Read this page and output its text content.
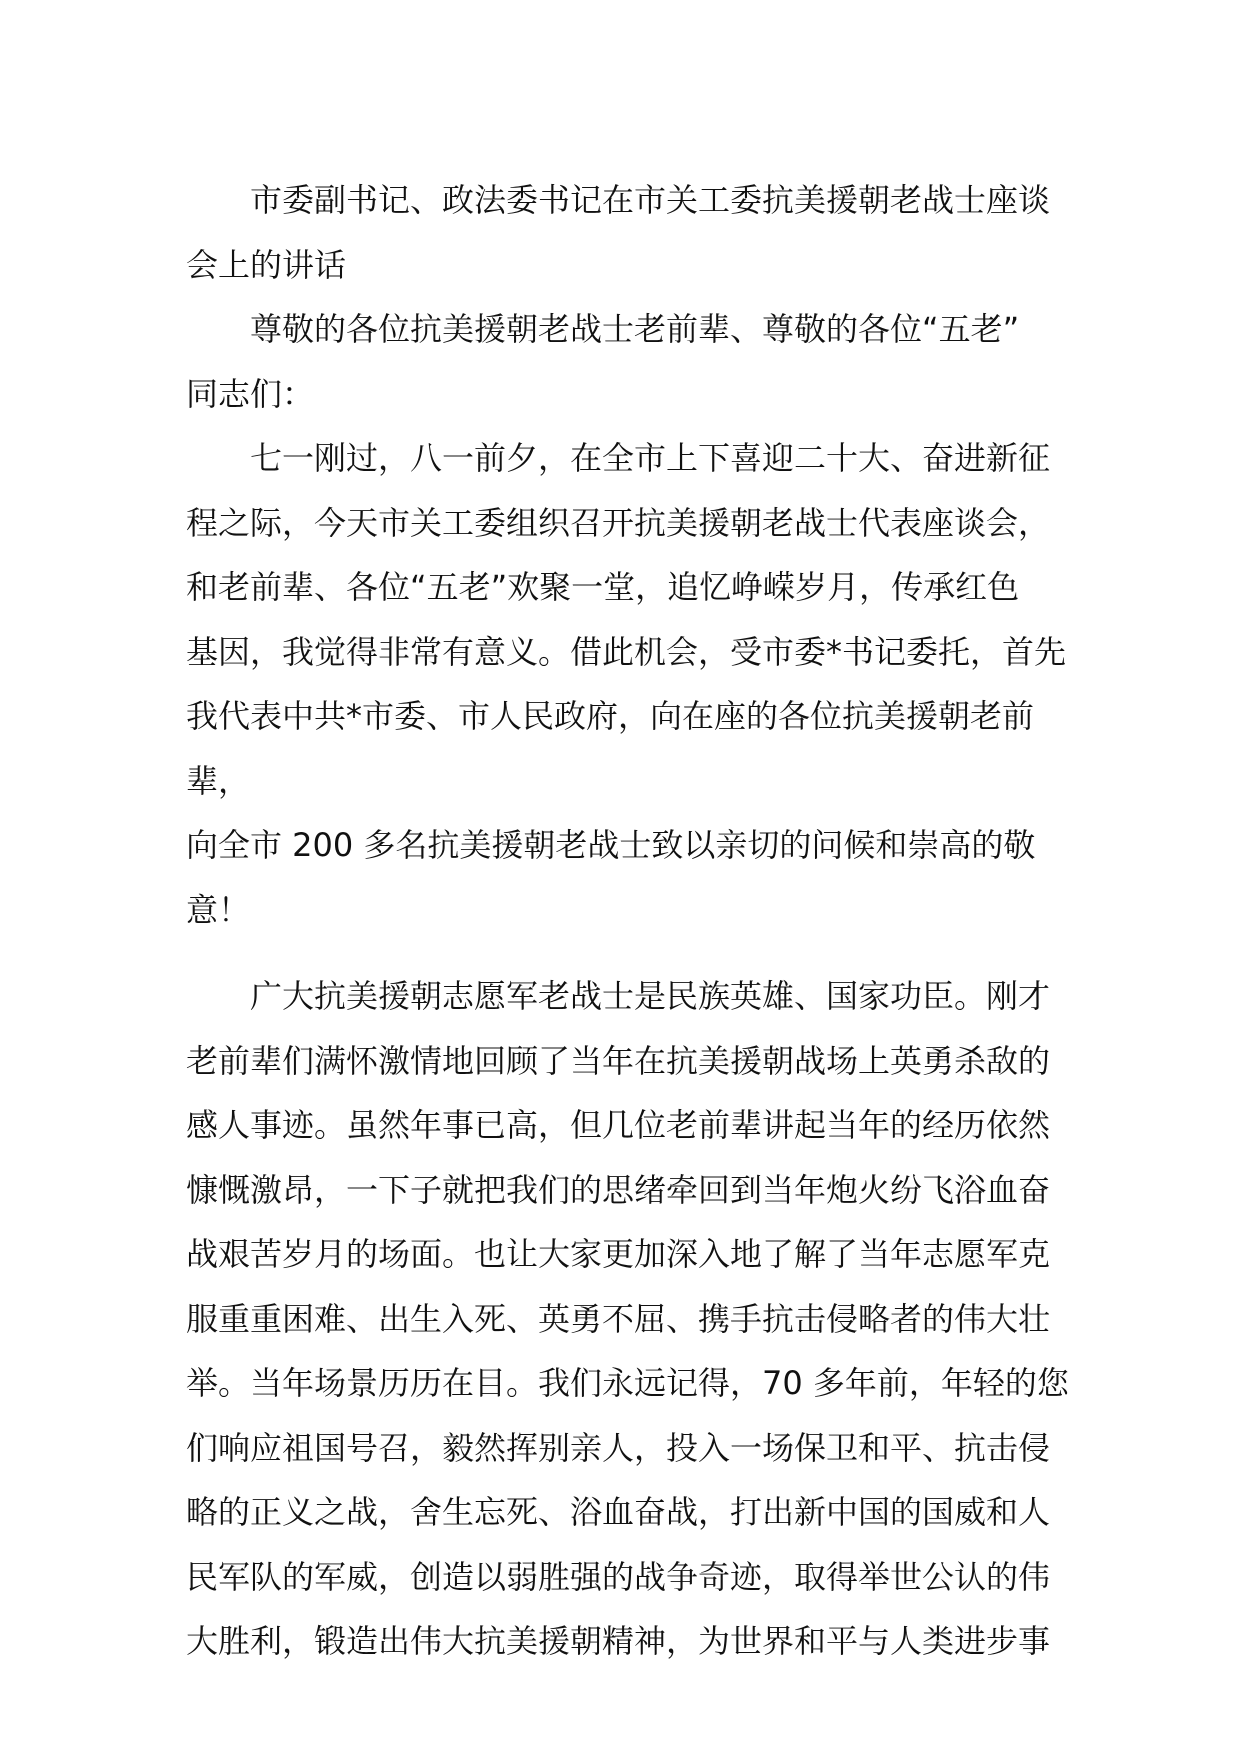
市委副书记、政法委书记在市关工委抗美援朝老战士座谈
会上的讲话

尊敬的各位抗美援朝老战士老前辈、尊敬的各位“五老”
同志们：

七一刚过，八一前夕，在全市上下喜迎二十大、奋进新征
程之际，今天市关工委组织召开抗美援朝老战士代表座谈会，
和老前辈、各位“五老”欢聚一堂，追忆峥嵘岁月，传承红色
基因，我觉得非常有意义。借此机会，受市委*书记委托，首先
我代表中共*市委、市人民政府，向在座的各位抗美援朝老前辈，
向全市 200 多名抗美援朝老战士致以亲切的问候和崇高的敬意！

广大抗美援朝志愿军老战士是民族英雄、国家功臣。刚才
老前辈们满怀激情地回顾了当年在抗美援朝战场上英勇杀敌的
感人事迹。虽然年事已高，但几位老前辈讲起当年的经历依然
慷慨激昂，一下子就把我们的思绪牵回到当年炮火纷飞浴血奋
战艰苦岁月的场面。也让大家更加深入地了解了当年志愿军克
服重重困难、出生入死、英勇不屈、携手抗击侵略者的伟大壮
举。当年场景历历在目。我们永远记得，70 多年前，年轻的您
们响应祖国号召，毅然挥别亲人，投入一场保卫和平、抗击侵
略的正义之战，舍生忘死、浴血奋战，打出新中国的国威和人
民军队的军威，创造以弱胜强的战争奇迹，取得举世公认的伟
大胜利，锻造出伟大抗美援朝精神，为世界和平与人类进步事
